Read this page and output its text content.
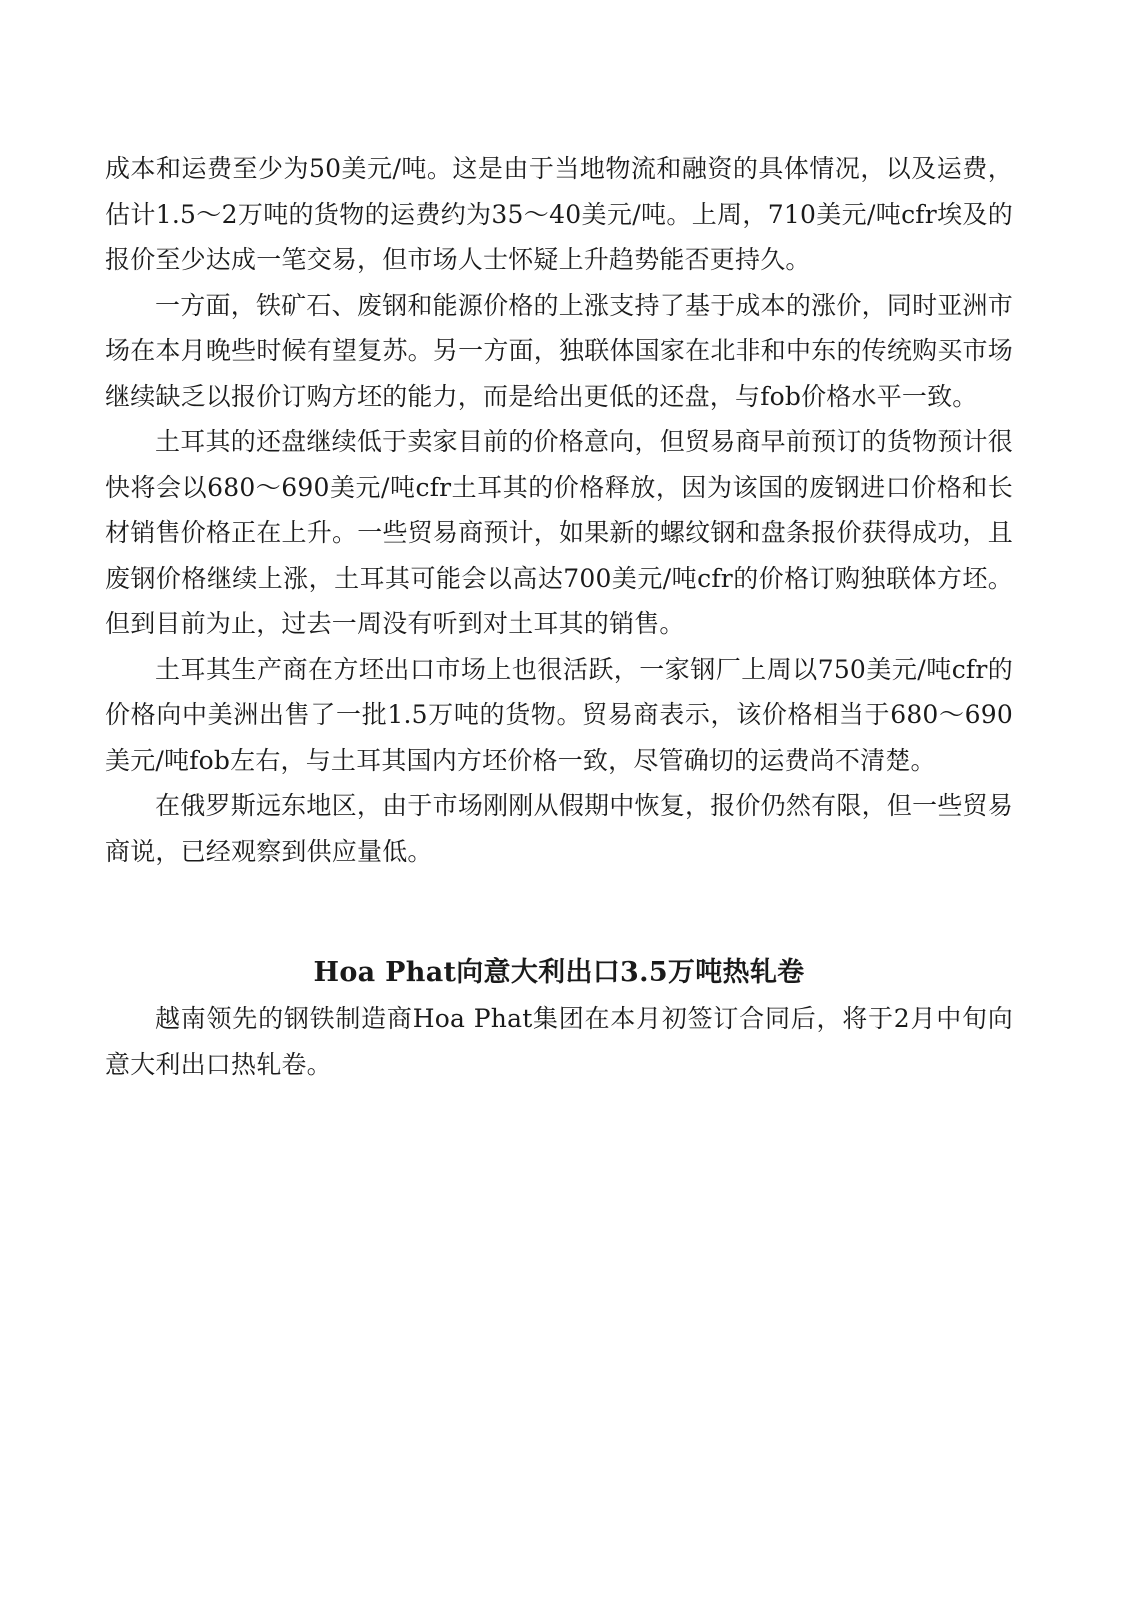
成本和运费至少为50美元/吨。这是由于当地物流和融资的具体情况，以及运费，估计1.5～2万吨的货物的运费约为35～40美元/吨。上周，710美元/吨cfr埃及的报价至少达成一笔交易，但市场人士怀疑上升趋势能否更持久。

一方面，铁矿石、废钢和能源价格的上涨支持了基于成本的涨价，同时亚洲市场在本月晚些时候有望复苏。另一方面，独联体国家在北非和中东的传统购买市场继续缺乏以报价订购方坯的能力，而是给出更低的还盘，与fob价格水平一致。

土耳其的还盘继续低于卖家目前的价格意向，但贸易商早前预订的货物预计很快将会以680～690美元/吨cfr土耳其的价格释放，因为该国的废钢进口价格和长材销售价格正在上升。一些贸易商预计，如果新的螺纹钢和盘条报价获得成功，且废钢价格继续上涨，土耳其可能会以高达700美元/吨cfr的价格订购独联体方坯。但到目前为止，过去一周没有听到对土耳其的销售。

土耳其生产商在方坯出口市场上也很活跃，一家钢厂上周以750美元/吨cfr的价格向中美洲出售了一批1.5万吨的货物。贸易商表示，该价格相当于680～690美元/吨fob左右，与土耳其国内方坯价格一致，尽管确切的运费尚不清楚。

在俄罗斯远东地区，由于市场刚刚从假期中恢复，报价仍然有限，但一些贸易商说，已经观察到供应量低。

Hoa Phat向意大利出口3.5万吨热轧卷

越南领先的钢铁制造商Hoa Phat集团在本月初签订合同后，将于2月中旬向意大利出口热轧卷。
